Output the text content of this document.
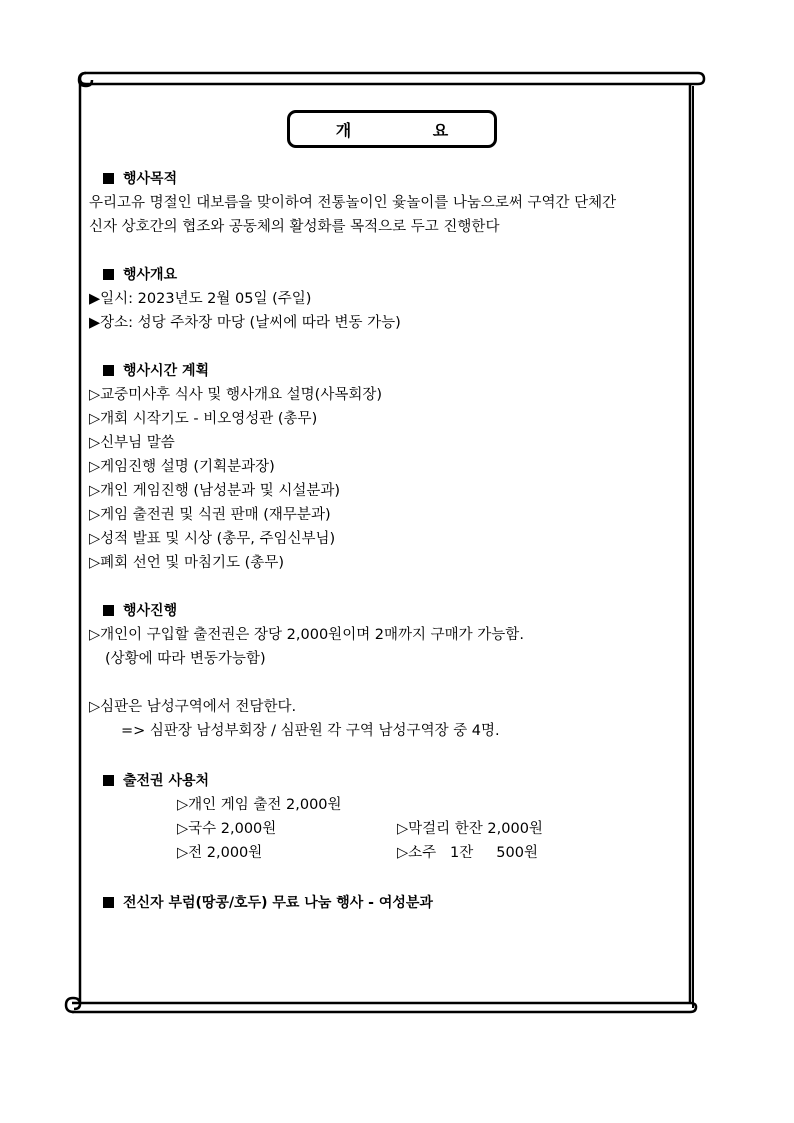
개 요
행사목적
우리고유 명절인 대보름을 맞이하여 전통놀이인 윷놀이를 나눔으로써 구역간 단체간
신자 상호간의 협조와 공동체의 활성화를 목적으로 두고 진행한다
행사개요
▶일시: 2023년도 2월 05일 (주일)
▶장소: 성당 주차장 마당 (날씨에 따라 변동 가능)
행사시간 계획
▷교중미사후 식사 및 행사개요 설명(사목회장)
▷개회 시작기도 - 비오영성관 (총무)
▷신부님 말씀
▷게임진행 설명 (기획분과장)
▷개인 게임진행 (남성분과 및 시설분과)
▷게임 출전권 및 식권 판매 (재무분과)
▷성적 발표 및 시상 (총무, 주임신부님)
▷폐회 선언 및 마침기도 (총무)
행사진행
▷개인이 구입할 출전권은 장당 2,000원이며 2매까지 구매가 가능함.
(상황에 따라 변동가능함)
▷심판은 남성구역에서 전담한다.
=> 심판장 남성부회장 / 심판원 각 구역 남성구역장 중 4명.
출전권 사용처
▷개인 게임 출전 2,000원
▷국수 2,000원	▷막걸리 한잔 2,000원
▷전 2,000원	▷소주   1잔     500원
전신자 부럼(땅콩/호두) 무료 나눔 행사 - 여성분과
